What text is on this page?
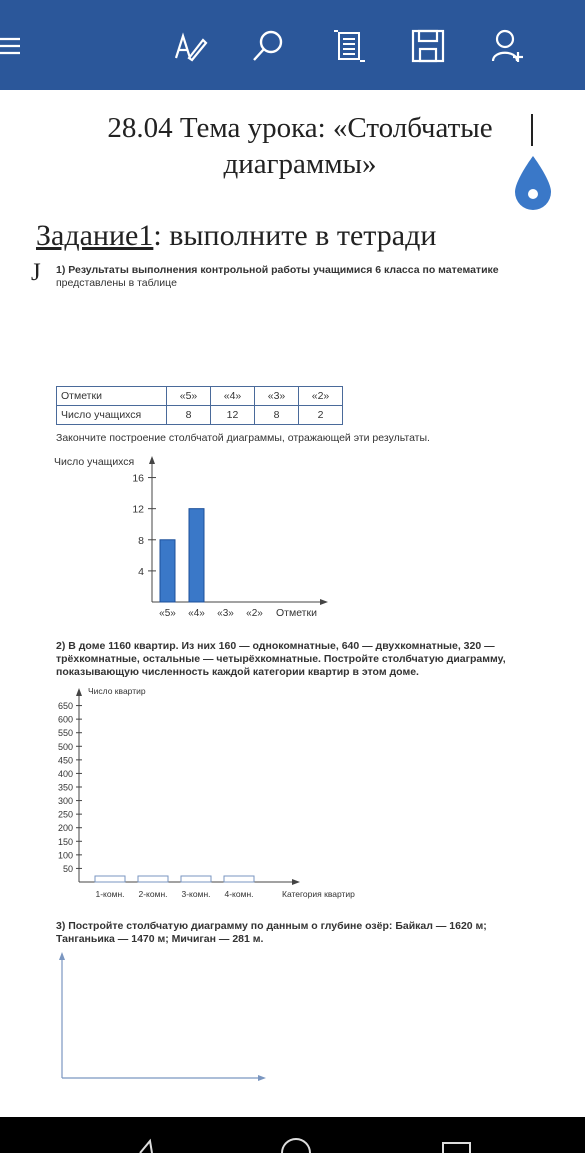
28.04 Тема урока: «Столбчатые диаграммы»
Задание1: выполните в тетради
J 1) Результаты выполнения контрольной работы учащимися 6 класса по математике
представлены в таблице
Отметки	«5»	«4»	«3»	«2»
Число учащихся	8	12	8	2
Закончите построение столбчатой диаграммы, отражающей эти результаты.
Число учащихся
16
12
8
4
«5» «4» «3» «2» Отметки
2) В доме 1160 квартир. Из них 160 — однокомнатные, 640 — двухкомнатные, 320 —
трёхкомнатные, остальные — четырёхкомнатные. Постройте столбчатую диаграмму,
показывающую численность каждой категории квартир в этом доме.
Число квартир
650
600
550
500
450
400
350
300
250
200
150
100
50
1-комн. 2-комн. 3-комн. 4-комн.	Категория квартир
3) Постройте столбчатую диаграмму по данным о глубине озёр: Байкал — 1620 м;
Танганьика — 1470 м; Мичиган — 281 м.
